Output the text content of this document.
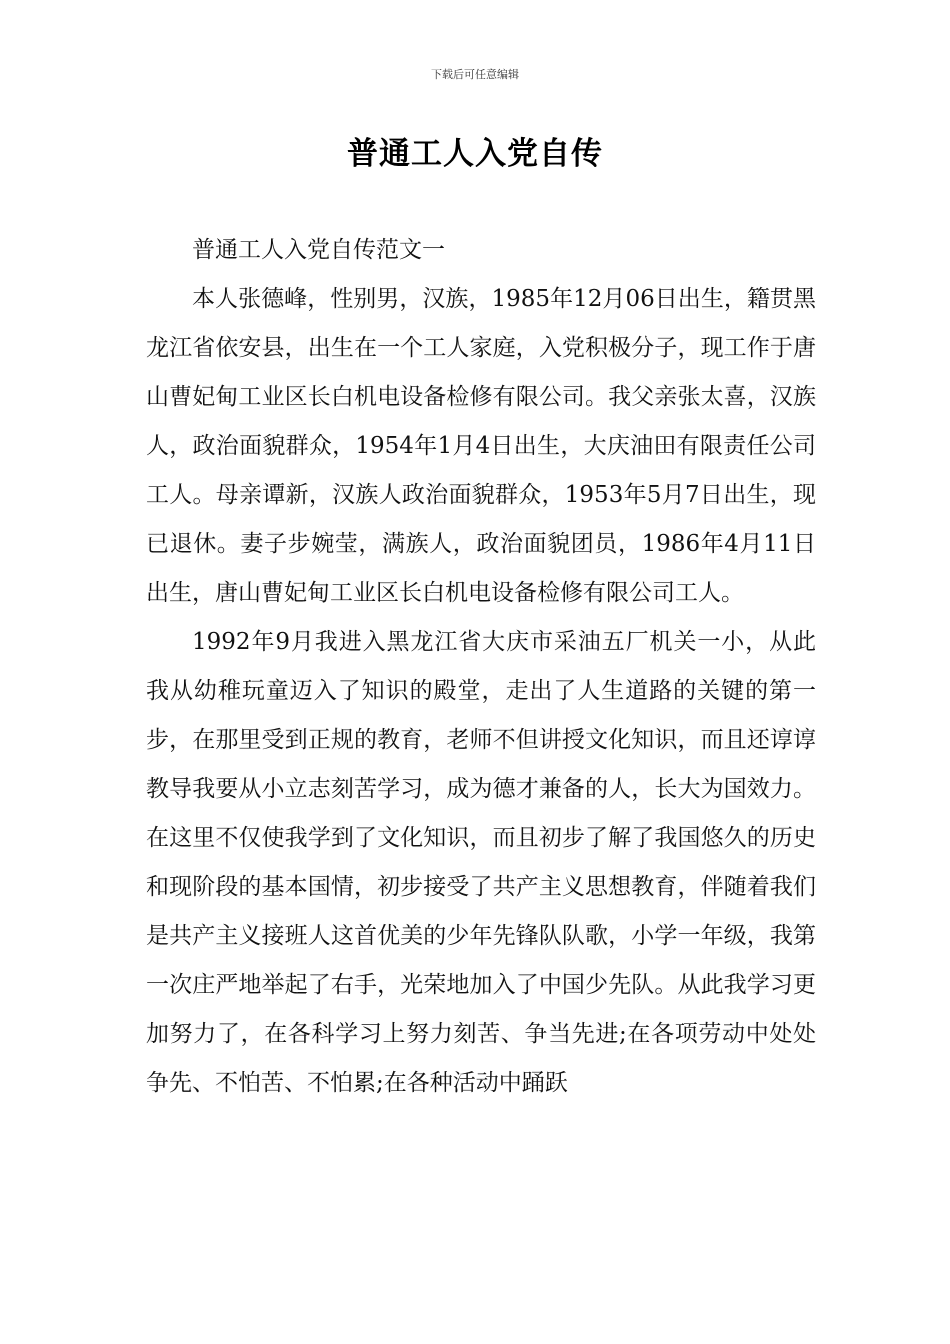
下载后可任意编辑
普通工人入党自传

普通工人入党自传范文一

本人张德峰，性别男，汉族，1985年12月06日出生，籍贯黑龙江省依安县，出生在一个工人家庭，入党积极分子，现工作于唐山曹妃甸工业区长白机电设备检修有限公司。我父亲张太喜，汉族人，政治面貌群众，1954年1月4日出生，大庆油田有限责任公司工人。母亲谭新，汉族人政治面貌群众，1953年5月7日出生，现已退休。妻子步婉莹，满族人，政治面貌团员，1986年4月11日出生，唐山曹妃甸工业区长白机电设备检修有限公司工人。

1992年9月我进入黑龙江省大庆市采油五厂机关一小，从此我从幼稚玩童迈入了知识的殿堂，走出了人生道路的关键的第一步，在那里受到正规的教育，老师不但讲授文化知识，而且还谆谆教导我要从小立志刻苦学习，成为德才兼备的人，长大为国效力。在这里不仅使我学到了文化知识，而且初步了解了我国悠久的历史和现阶段的基本国情，初步接受了共产主义思想教育，伴随着我们是共产主义接班人这首优美的少年先锋队队歌，小学一年级，我第一次庄严地举起了右手，光荣地加入了中国少先队。从此我学习更加努力了，在各科学习上努力刻苦、争当先进;在各项劳动中处处争先、不怕苦、不怕累;在各种活动中踊跃
